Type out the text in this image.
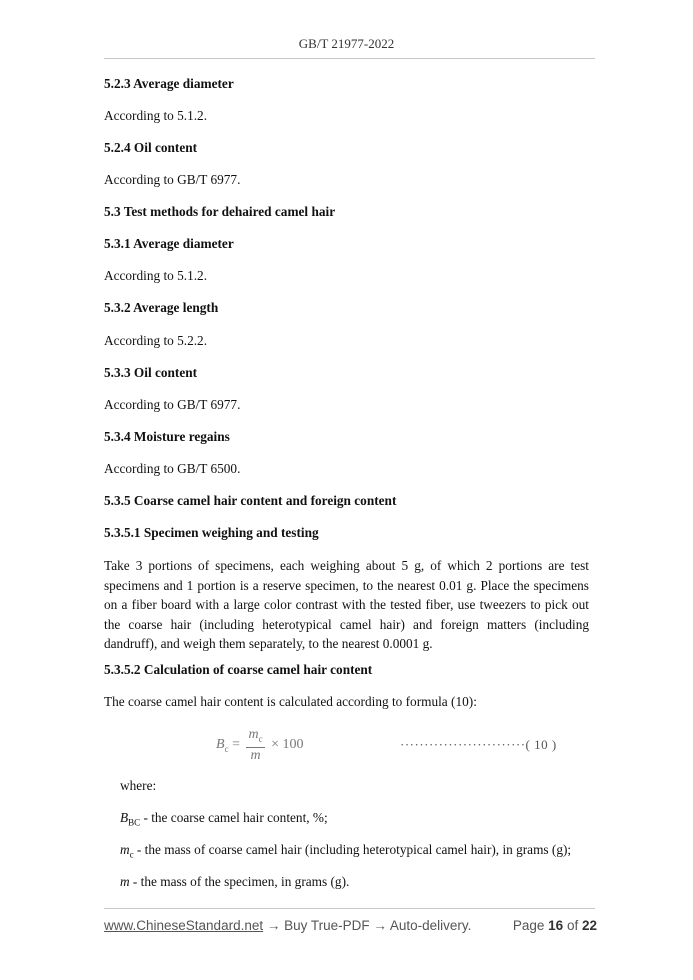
GB/T 21977-2022
5.2.3 Average diameter
According to 5.1.2.
5.2.4 Oil content
According to GB/T 6977.
5.3 Test methods for dehaired camel hair
5.3.1 Average diameter
According to 5.1.2.
5.3.2 Average length
According to 5.2.2.
5.3.3 Oil content
According to GB/T 6977.
5.3.4 Moisture regains
According to GB/T 6500.
5.3.5 Coarse camel hair content and foreign content
5.3.5.1 Specimen weighing and testing
Take 3 portions of specimens, each weighing about 5 g, of which 2 portions are test specimens and 1 portion is a reserve specimen, to the nearest 0.01 g. Place the specimens on a fiber board with a large color contrast with the tested fiber, use tweezers to pick out the coarse hair (including heterotypical camel hair) and foreign matters (including dandruff), and weigh them separately, to the nearest 0.0001 g.
5.3.5.2 Calculation of coarse camel hair content
The coarse camel hair content is calculated according to formula (10):
$B_c = \frac{m_c}{m} \times 100$	··························( 10 )
where:
$B_{BC}$ - the coarse camel hair content, %;
$m_c$ - the mass of coarse camel hair (including heterotypical camel hair), in grams (g);
m - the mass of the specimen, in grams (g).
www.ChineseStandard.net → Buy True-PDF → Auto-delivery.	Page 16 of 22
